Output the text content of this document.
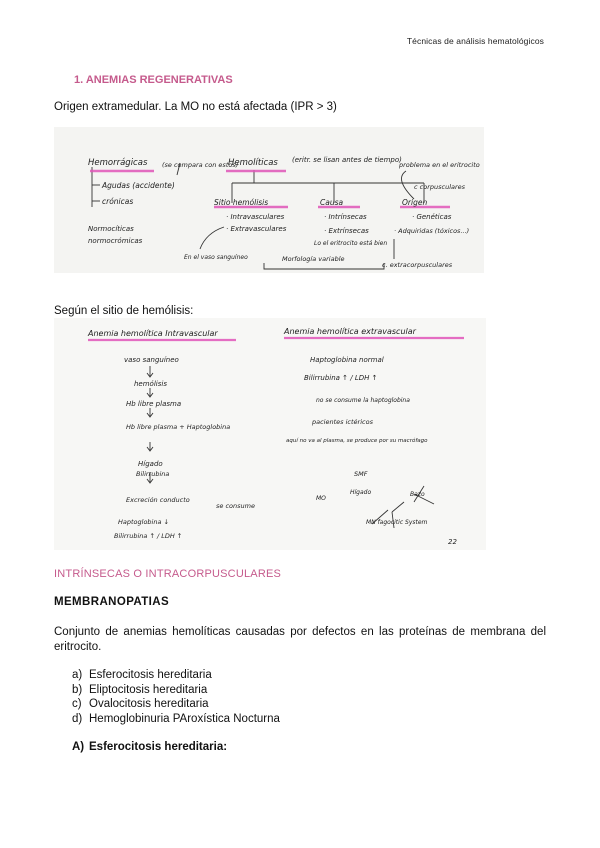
Técnicas de análisis hematológicos
1. ANEMIAS REGENERATIVAS
Origen extramedular. La MO no está afectada (IPR > 3)
Hemorrágicas (se compara con estos)
Hemolíticas (eritr. se lisan antes de tiempo)
Agudas (accidente)
crónicas
Normocíticas
normocrómicas
Sitio hemólisis
· Intravasculares
· Extravasculares
En el vaso sanguíneo
Causa
· Intrínsecas
· Extrínsecas
Lo el eritrocito está bien
Origen
· Genéticas
· Adquiridas (tóxicos...)
problema en el eritrocito
c corpusculares
Morfología variable
c. extracorpusculares
Según el sitio de hemólisis:
Anemia hemolítica Intravascular	Anemia hemolítica extravascular
vaso sanguíneo
hemólisis
Hb libre plasma
Hb libre plasma + Haptoglobina
Hígado
Bilirrubina
Excreción conducto
Haptoglobina ↓
Bilirrubina ↑ / LDH ↑
se consume
Haptoglobina normal
Bilirrubina ↑ / LDH ↑
no se consume la haptoglobina
pacientes ictéricos
aquí no va al plasma, se produce por su macrófago
SMF
Hígado
MO
Bazo
MN fagocitic System
22
INTRÍNSECAS O INTRACORPUSCULARES
MEMBRANOPATIAS
Conjunto de anemias hemolíticas causadas por defectos en las proteínas de membrana del eritrocito.
a) Esferocitosis hereditaria
b) Eliptocitosis hereditaria
c) Ovalocitosis hereditaria
d) Hemoglobinuria PAroxística Nocturna
A) Esferocitosis hereditaria:
